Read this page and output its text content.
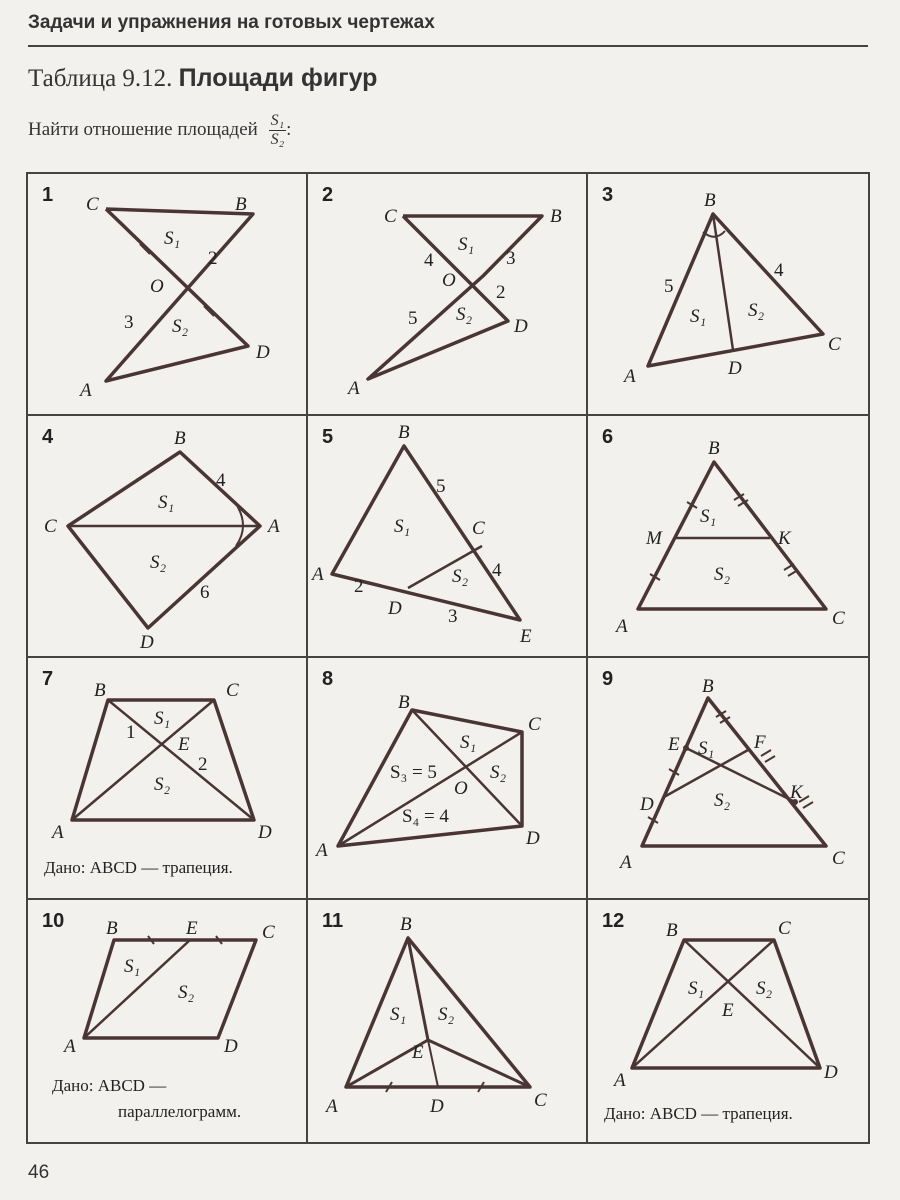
Задачи и упражнения на готовых чертежах
Таблица 9.12. Площади фигур
Найти отношение площадей $\frac{\text{S₁}}{\text{S₂}}$ :
1 C	B
S₁
2
O
3 S₂
D
A
2
C	B
S₁
4	3
O
2
5 S₂
D
A
3	B
5
4
S₁ S₂
C
D
A
4	B
4
S₁
C	A
S₂
6
D
5	B
5
S₁	C
A
2	S₂ 4
D 3
E
6
B
S₁
M	K
S₂
A	C
7
B	C
S₁
1
E
2
S₂
A	D
Дано: ABCD — трапеция.
8
B
C
S₁
S₃ = 5	S₂
O
S₄ = 4
D
A
9	B
E S₁ F
D	S₂	K
A	C
10 B	E	C
S₁
S₂
A	D
Дано: ABCD —
параллелограмм.
11	B
S₁ S₂
E
A	D	C
12 B	C
S₁	S₂
E
A	D
Дано: ABCD — трапеция.
46
